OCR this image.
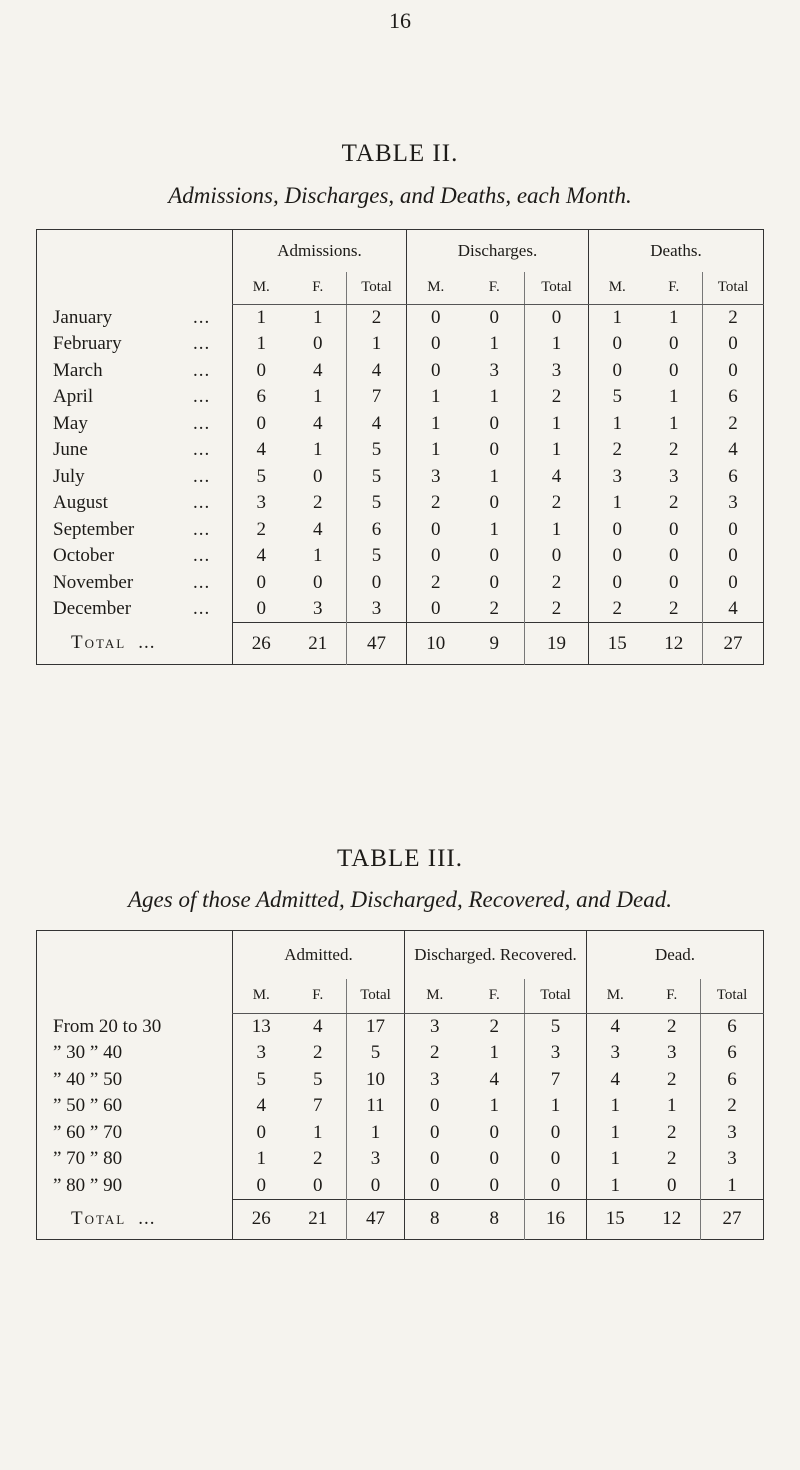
16
TABLE II.
Admissions, Discharges, and Deaths, each Month.
	Admissions.			Discharges.			Deaths.		
	M.	F.	Total	M.	F.	Total	M.	F.	Total
January ...	1	1	2	0	0	0	1	1	2
February ...	1	0	1	0	1	1	0	0	0
March ...	0	4	4	0	3	3	0	0	0
April ...	6	1	7	1	1	2	5	1	6
May ...	0	4	4	1	0	1	1	1	2
June ...	4	1	5	1	0	1	2	2	4
July ...	5	0	5	3	1	4	3	3	6
August ...	3	2	5	2	0	2	1	2	3
September ...	2	4	6	0	1	1	0	0	0
October ...	4	1	5	0	0	0	0	0	0
November ...	0	0	0	2	0	2	0	0	0
December ...	0	3	3	0	2	2	2	2	4
Total ...	26	21	47	10	9	19	15	12	27
TABLE III.
Ages of those Admitted, Discharged, Recovered, and Dead.
	Admitted.			Discharged. Recovered.			Dead.		
	M.	F.	Total	M.	F.	Total	M.	F.	Total
From 20 to 30	13	4	17	3	2	5	4	2	6
” 30 ” 40	3	2	5	2	1	3	3	3	6
” 40 ” 50	5	5	10	3	4	7	4	2	6
” 50 ” 60	4	7	11	0	1	1	1	1	2
” 60 ” 70	0	1	1	0	0	0	1	2	3
” 70 ” 80	1	2	3	0	0	0	1	2	3
” 80 ” 90	0	0	0	0	0	0	1	0	1
Total ...	26	21	47	8	8	16	15	12	27
